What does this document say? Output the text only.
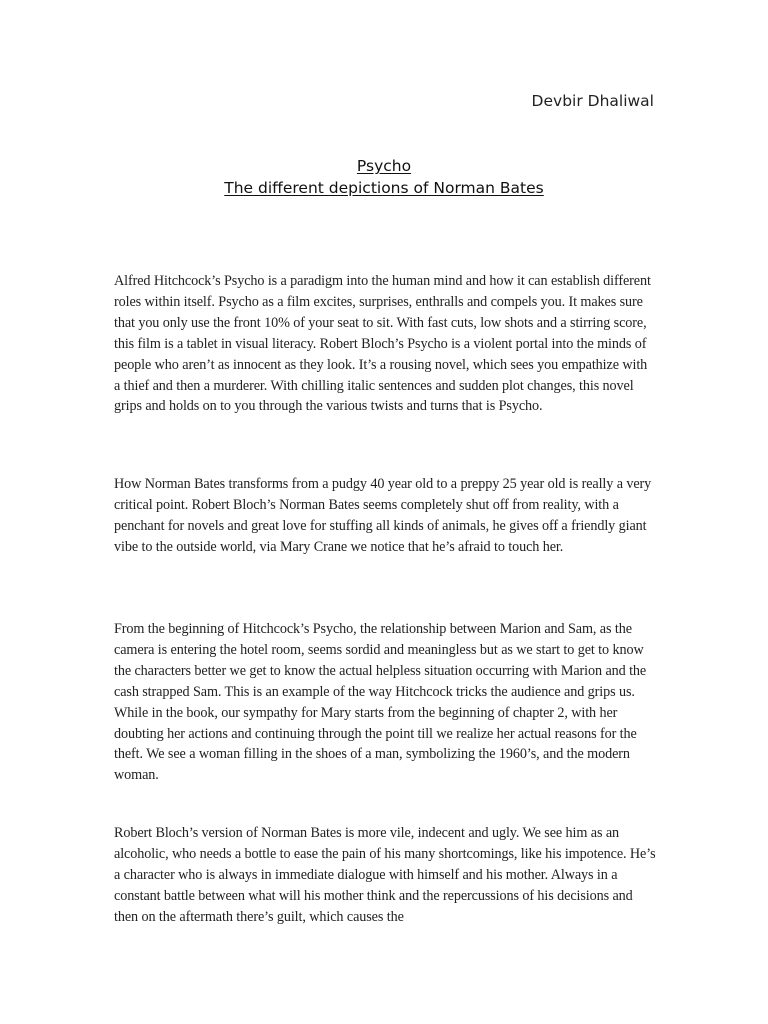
Devbir Dhaliwal

Psycho
The different depictions of Norman Bates

Alfred Hitchcock’s Psycho is a paradigm into the human mind and how it can establish different roles within itself. Psycho as a film excites, surprises, enthralls and compels you. It makes sure that you only use the front 10% of your seat to sit. With fast cuts, low shots and a stirring score, this film is a tablet in visual literacy. Robert Bloch’s Psycho is a violent portal into the minds of people who aren’t as innocent as they look. It’s a rousing novel, which sees you empathize with a thief and then a murderer. With chilling italic sentences and sudden plot changes, this novel grips and holds on to you through the various twists and turns that is Psycho.

How Norman Bates transforms from a pudgy 40 year old to a preppy 25 year old is really a very critical point. Robert Bloch’s Norman Bates seems completely shut off from reality, with a penchant for novels and great love for stuffing all kinds of animals, he gives off a friendly giant vibe to the outside world, via Mary Crane we notice that he’s afraid to touch her.

From the beginning of Hitchcock’s Psycho, the relationship between Marion and Sam, as the camera is entering the hotel room, seems sordid and meaningless but as we start to get to know the characters better we get to know the actual helpless situation occurring with Marion and the cash strapped Sam. This is an example of the way Hitchcock tricks the audience and grips us. While in the book, our sympathy for Mary starts from the beginning of chapter 2, with her doubting her actions and continuing through the point till we realize her actual reasons for the theft. We see a woman filling in the shoes of a man, symbolizing the 1960’s, and the modern woman.

Robert Bloch’s version of Norman Bates is more vile, indecent and ugly. We see him as an alcoholic, who needs a bottle to ease the pain of his many shortcomings, like his impotence. He’s a character who is always in immediate dialogue with himself and his mother. Always in a constant battle between what will his mother think and the repercussions of his decisions and then on the aftermath there’s guilt, which causes the
